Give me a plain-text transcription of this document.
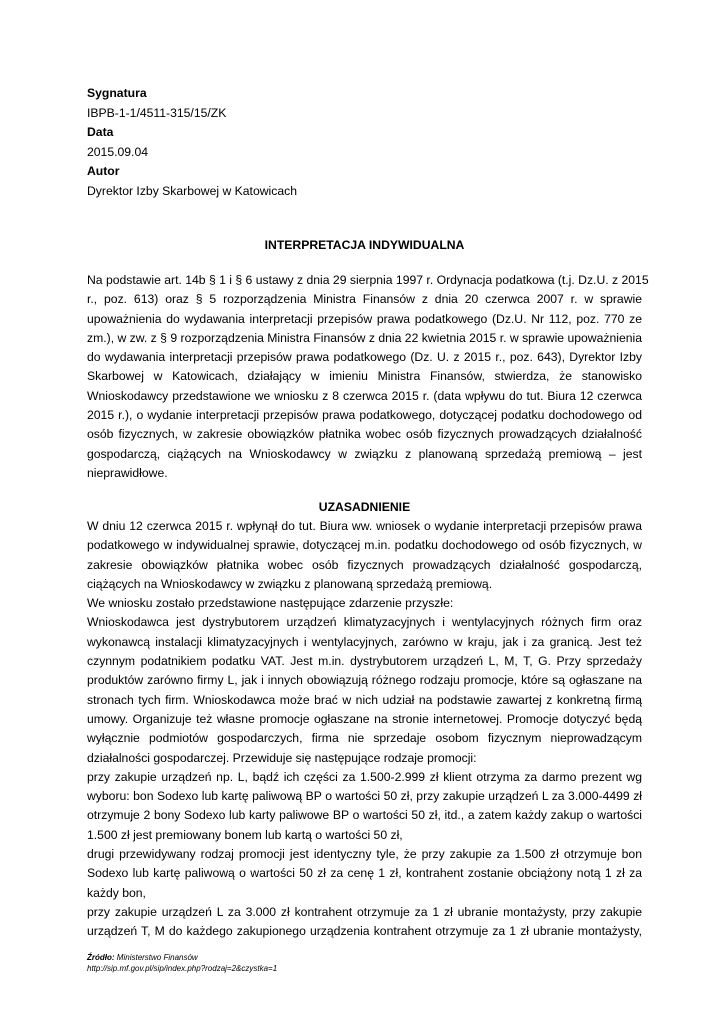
Sygnatura
IBPB-1-1/4511-315/15/ZK
Data
2015.09.04
Autor
Dyrektor Izby Skarbowej w Katowicach
INTERPRETACJA INDYWIDUALNA
Na podstawie art. 14b § 1 i § 6 ustawy z dnia 29 sierpnia 1997 r. Ordynacja podatkowa (t.j. Dz.U. z 2015
r., poz. 613) oraz § 5 rozporządzenia Ministra Finansów z dnia 20 czerwca 2007 r. w sprawie
upoważnienia do wydawania interpretacji przepisów prawa podatkowego (Dz.U. Nr 112, poz. 770 ze
zm.), w zw. z § 9 rozporządzenia Ministra Finansów z dnia 22 kwietnia 2015 r. w sprawie upoważnienia
do wydawania interpretacji przepisów prawa podatkowego (Dz. U. z 2015 r., poz. 643), Dyrektor Izby
Skarbowej w Katowicach, działający w imieniu Ministra Finansów, stwierdza, że stanowisko
Wnioskodawcy przedstawione we wniosku z 8 czerwca 2015 r. (data wpływu do tut. Biura 12 czerwca
2015 r.), o wydanie interpretacji przepisów prawa podatkowego, dotyczącej podatku dochodowego od
osób fizycznych, w zakresie obowiązków płatnika wobec osób fizycznych prowadzących działalność
gospodarczą, ciążących na Wnioskodawcy w związku z planowaną sprzedażą premiową – jest
nieprawidłowe.
UZASADNIENIE
W dniu 12 czerwca 2015 r. wpłynął do tut. Biura ww. wniosek o wydanie interpretacji przepisów prawa
podatkowego w indywidualnej sprawie, dotyczącej m.in. podatku dochodowego od osób fizycznych, w
zakresie obowiązków płatnika wobec osób fizycznych prowadzących działalność gospodarczą,
ciążących na Wnioskodawcy w związku z planowaną sprzedażą premiową.
We wniosku zostało przedstawione następujące zdarzenie przyszłe:
Wnioskodawca jest dystrybutorem urządzeń klimatyzacyjnych i wentylacyjnych różnych firm oraz
wykonawcą instalacji klimatyzacyjnych i wentylacyjnych, zarówno w kraju, jak i za granicą. Jest też
czynnym podatnikiem podatku VAT. Jest m.in. dystrybutorem urządzeń L, M, T, G. Przy sprzedaży
produktów zarówno firmy L, jak i innych obowiązują różnego rodzaju promocje, które są ogłaszane na
stronach tych firm. Wnioskodawca może brać w nich udział na podstawie zawartej z konkretną firmą
umowy. Organizuje też własne promocje ogłaszane na stronie internetowej. Promocje dotyczyć będą
wyłącznie podmiotów gospodarczych, firma nie sprzedaje osobom fizycznym nieprowadzącym
działalności gospodarczej. Przewiduje się następujące rodzaje promocji:
przy zakupie urządzeń np. L, bądź ich części za 1.500-2.999 zł klient otrzyma za darmo prezent wg
wyboru: bon Sodexo lub kartę paliwową BP o wartości 50 zł, przy zakupie urządzeń L za 3.000-4499 zł
otrzymuje 2 bony Sodexo lub karty paliwowe BP o wartości 50 zł, itd., a zatem każdy zakup o wartości
1.500 zł jest premiowany bonem lub kartą o wartości 50 zł,
drugi przewidywany rodzaj promocji jest identyczny tyle, że przy zakupie za 1.500 zł otrzymuje bon
Sodexo lub kartę paliwową o wartości 50 zł za cenę 1 zł, kontrahent zostanie obciążony notą 1 zł za
każdy bon,
przy zakupie urządzeń L za 3.000 zł kontrahent otrzymuje za 1 zł ubranie montażysty, przy zakupie
urządzeń T, M do każdego zakupionego urządzenia kontrahent otrzymuje za 1 zł ubranie montażysty,
Źródło: Ministerstwo Finansów
http://sip.mf.gov.pl/sip/index.php?rodzaj=2&czystka=1
